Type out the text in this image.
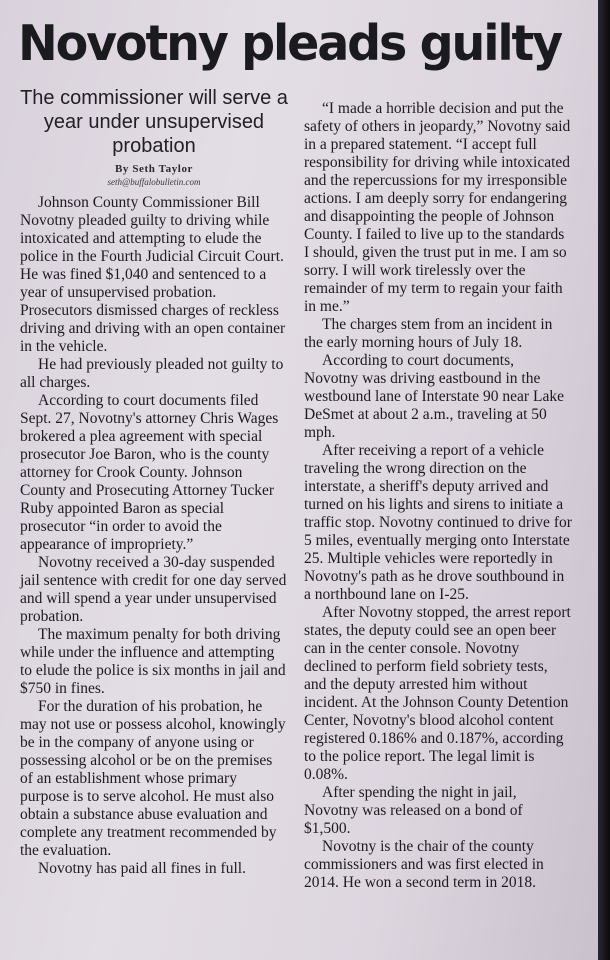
Novotny pleads guilty

The commissioner will serve a year under unsupervised probation

By Seth Taylor

seth@buffalobulletin.com

Johnson County Commissioner Bill Novotny pleaded guilty to driving while intoxicated and attempting to elude the police in the Fourth Judicial Circuit Court. He was fined $1,040 and sentenced to a year of unsupervised probation. Prosecutors dismissed charges of reckless driving and driving with an open container in the vehicle.

He had previously pleaded not guilty to all charges.

According to court documents filed Sept. 27, Novotny's attorney Chris Wages brokered a plea agreement with special prosecutor Joe Baron, who is the county attorney for Crook County. Johnson County and Prosecuting Attorney Tucker Ruby appointed Baron as special prosecutor “in order to avoid the appearance of impropriety.”

Novotny received a 30-day suspended jail sentence with credit for one day served and will spend a year under unsupervised probation.

The maximum penalty for both driving while under the influence and attempting to elude the police is six months in jail and $750 in fines.

For the duration of his probation, he may not use or possess alcohol, knowingly be in the company of anyone using or possessing alcohol or be on the premises of an establishment whose primary purpose is to serve alcohol. He must also obtain a substance abuse evaluation and complete any treatment recommended by the evaluation.

Novotny has paid all fines in full.

“I made a horrible decision and put the safety of others in jeopardy,” Novotny said in a prepared statement. “I accept full responsibility for driving while intoxicated and the repercussions for my irresponsible actions. I am deeply sorry for endangering and disappointing the people of Johnson County. I failed to live up to the standards I should, given the trust put in me. I am so sorry. I will work tirelessly over the remainder of my term to regain your faith in me.”

The charges stem from an incident in the early morning hours of July 18.

According to court documents, Novotny was driving eastbound in the westbound lane of Interstate 90 near Lake DeSmet at about 2 a.m., traveling at 50 mph.

After receiving a report of a vehicle traveling the wrong direction on the interstate, a sheriff's deputy arrived and turned on his lights and sirens to initiate a traffic stop. Novotny continued to drive for 5 miles, eventually merging onto Interstate 25. Multiple vehicles were reportedly in Novotny's path as he drove southbound in a northbound lane on I-25.

After Novotny stopped, the arrest report states, the deputy could see an open beer can in the center console. Novotny declined to perform field sobriety tests, and the deputy arrested him without incident. At the Johnson County Detention Center, Novotny's blood alcohol content registered 0.186% and 0.187%, according to the police report. The legal limit is 0.08%.

After spending the night in jail, Novotny was released on a bond of $1,500.

Novotny is the chair of the county commissioners and was first elected in 2014. He won a second term in 2018.
